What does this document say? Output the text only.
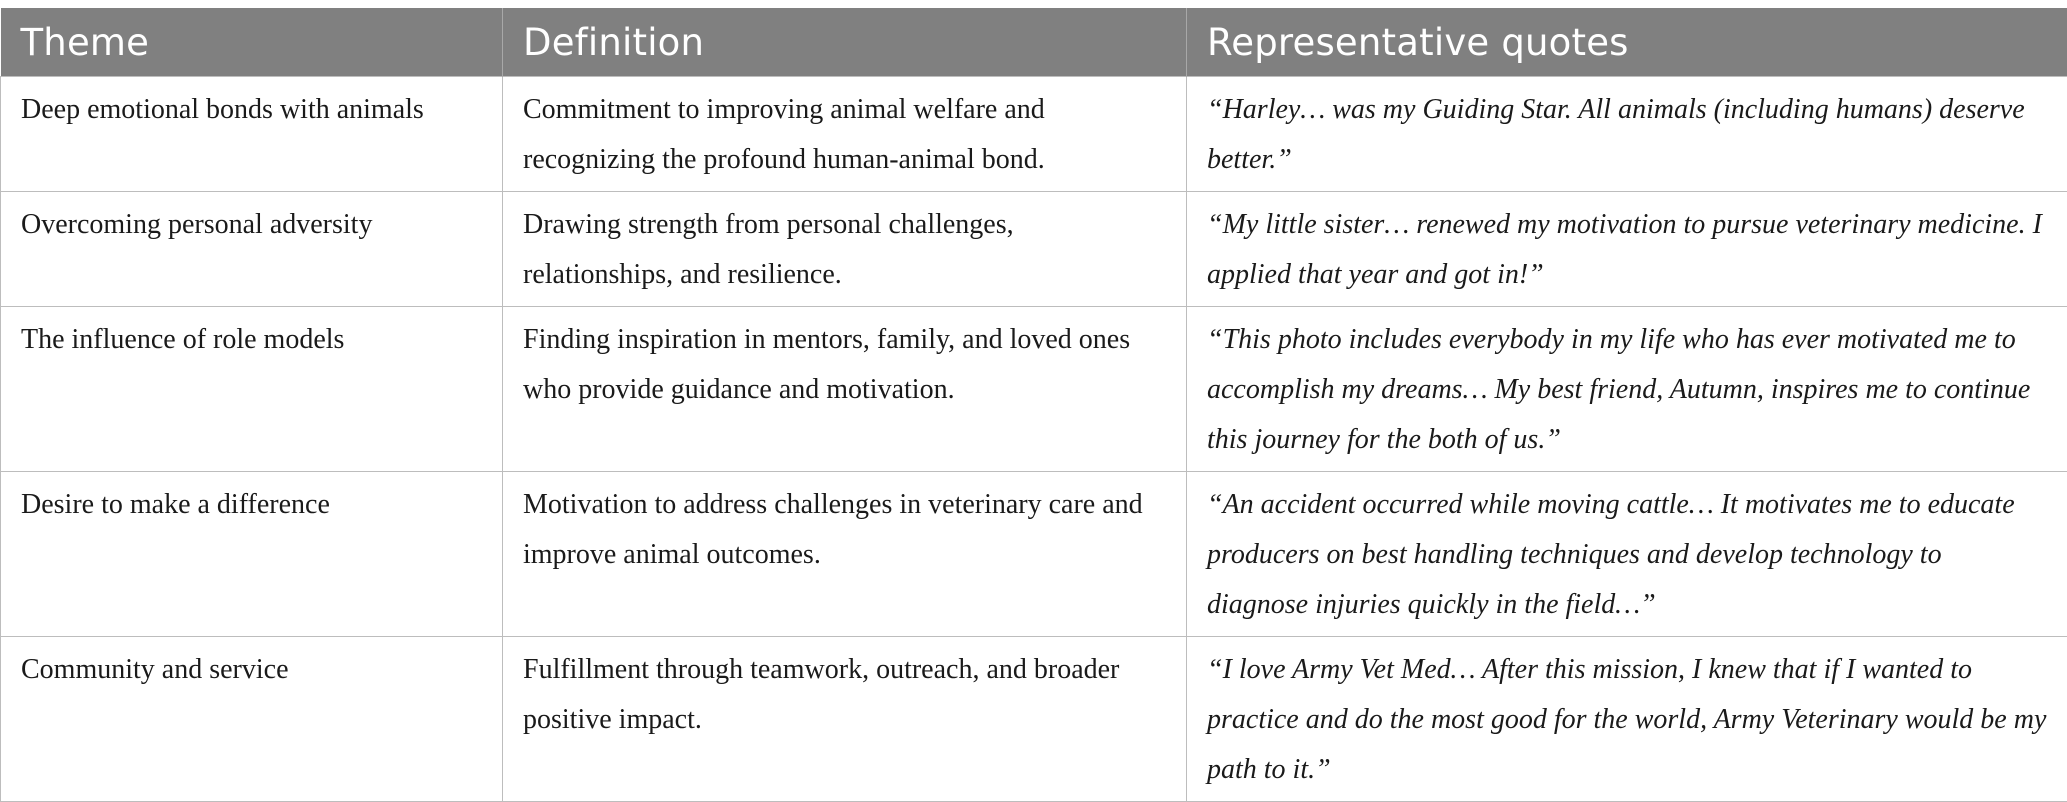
Theme	Definition	Representative quotes
Deep emotional bonds with animals	Commitment to improving animal welfare and recognizing the profound human-animal bond.	“Harley… was my Guiding Star. All animals (including humans) deserve better.”
Overcoming personal adversity	Drawing strength from personal challenges, relationships, and resilience.	“My little sister… renewed my motivation to pursue veterinary medicine. I applied that year and got in!”
The influence of role models	Finding inspiration in mentors, family, and loved ones who provide guidance and motivation.	“This photo includes everybody in my life who has ever motivated me to accomplish my dreams… My best friend, Autumn, inspires me to continue this journey for the both of us.”
Desire to make a difference	Motivation to address challenges in veterinary care and improve animal outcomes.	“An accident occurred while moving cattle… It motivates me to educate producers on best handling techniques and develop technology to diagnose injuries quickly in the field…”
Community and service	Fulfillment through teamwork, outreach, and broader positive impact.	“I love Army Vet Med… After this mission, I knew that if I wanted to practice and do the most good for the world, Army Veterinary would be my path to it.”
